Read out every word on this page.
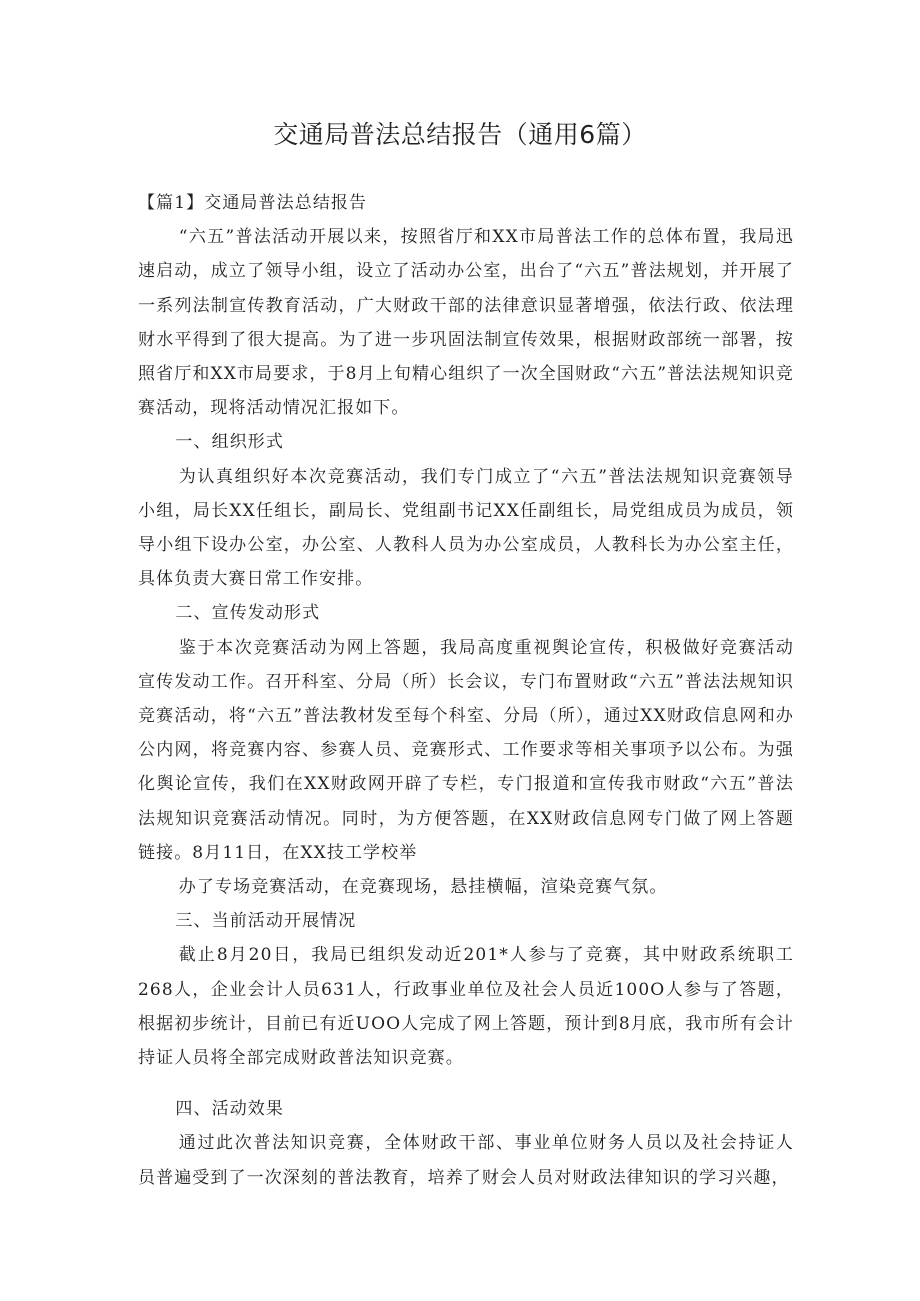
交通局普法总结报告（通用6篇）

【篇1】交通局普法总结报告

“六五”普法活动开展以来，按照省厅和XX市局普法工作的总体布置，我局迅速启动，成立了领导小组，设立了活动办公室，出台了“六五”普法规划，并开展了一系列法制宣传教育活动，广大财政干部的法律意识显著增强，依法行政、依法理财水平得到了很大提高。为了进一步巩固法制宣传效果，根据财政部统一部署，按照省厅和XX市局要求，于8月上旬精心组织了一次全国财政“六五”普法法规知识竞赛活动，现将活动情况汇报如下。

一、组织形式

为认真组织好本次竞赛活动，我们专门成立了“六五”普法法规知识竞赛领导小组，局长XX任组长，副局长、党组副书记XX任副组长，局党组成员为成员，领导小组下设办公室，办公室、人教科人员为办公室成员，人教科长为办公室主任，具体负责大赛日常工作安排。

二、宣传发动形式

鉴于本次竞赛活动为网上答题，我局高度重视舆论宣传，积极做好竞赛活动宣传发动工作。召开科室、分局（所）长会议，专门布置财政“六五”普法法规知识竞赛活动，将“六五”普法教材发至每个科室、分局（所），通过XX财政信息网和办公内网，将竞赛内容、参赛人员、竞赛形式、工作要求等相关事项予以公布。为强化舆论宣传，我们在XX财政网开辟了专栏，专门报道和宣传我市财政“六五”普法法规知识竞赛活动情况。同时，为方便答题，在XX财政信息网专门做了网上答题链接。8月11日，在XX技工学校举

办了专场竞赛活动，在竞赛现场，悬挂横幅，渲染竞赛气氛。

三、当前活动开展情况

截止8月20日，我局已组织发动近201*人参与了竞赛，其中财政系统职工268人，企业会计人员631人，行政事业单位及社会人员近100O人参与了答题，根据初步统计，目前已有近UOO人完成了网上答题，预计到8月底，我市所有会计持证人员将全部完成财政普法知识竞赛。

四、活动效果

通过此次普法知识竞赛，全体财政干部、事业单位财务人员以及社会持证人员普遍受到了一次深刻的普法教育，培养了财会人员对财政法律知识的学习兴趣，
